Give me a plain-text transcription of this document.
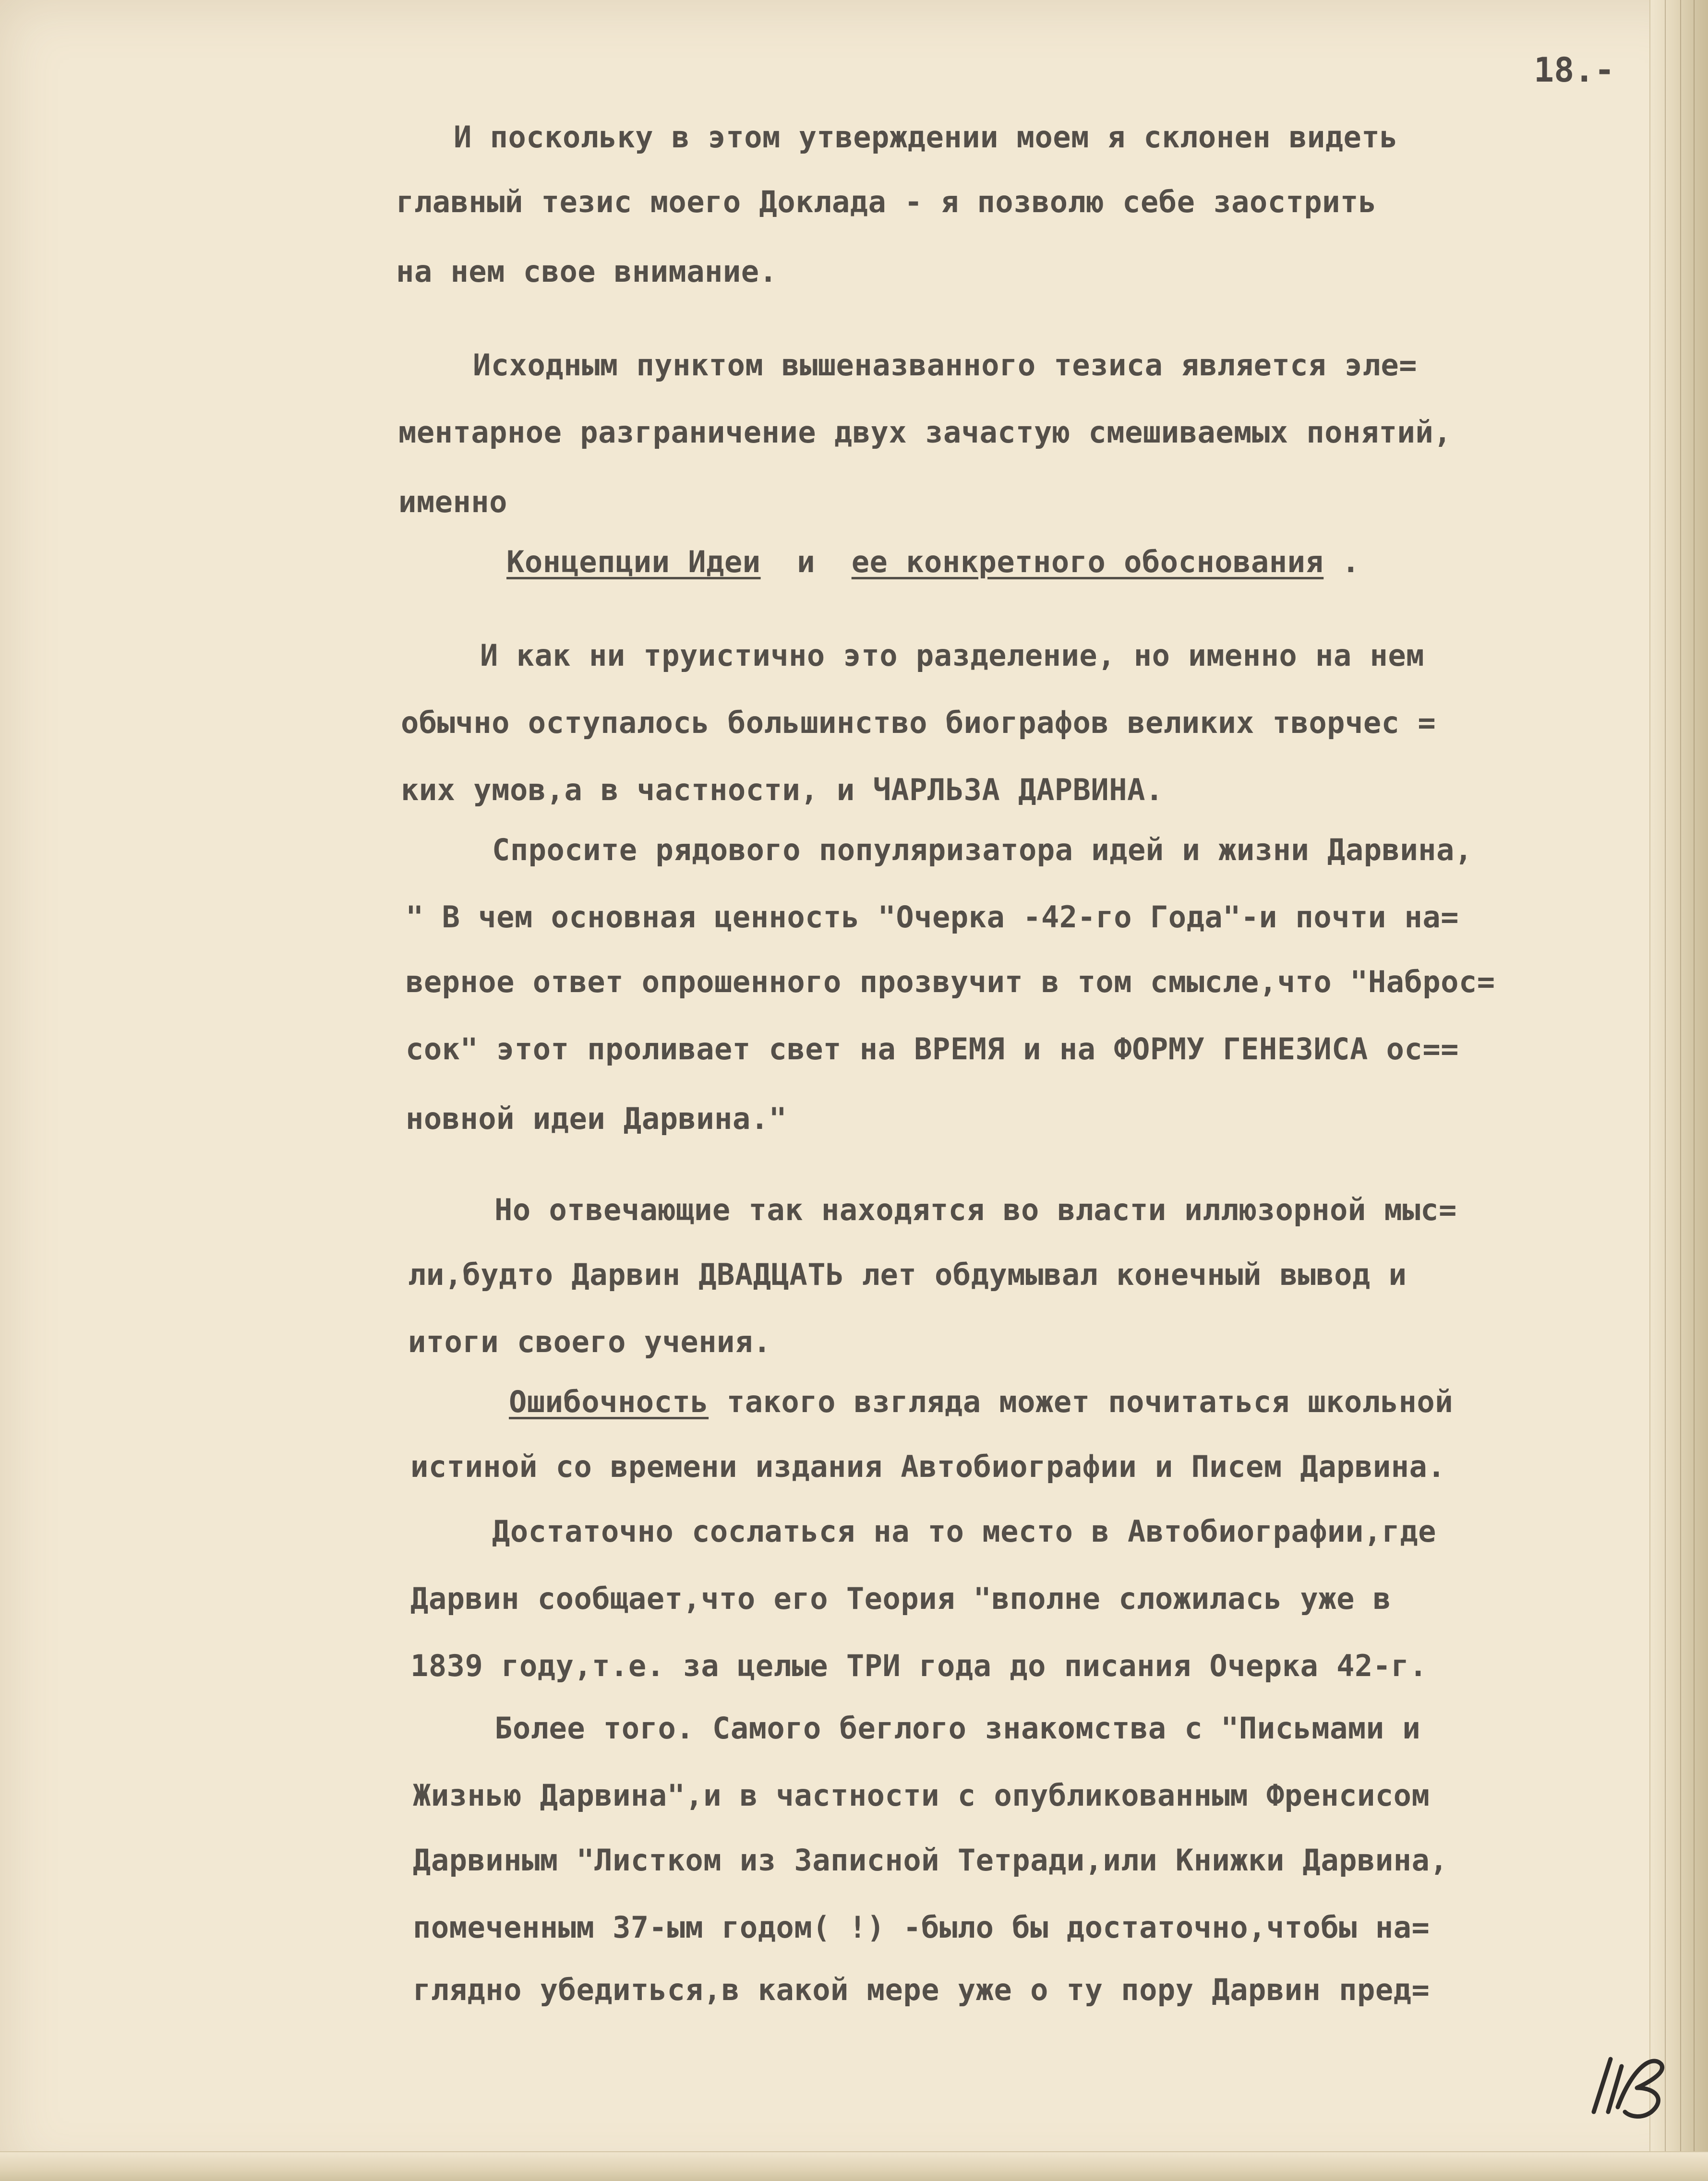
18.-
И поскольку в этом утверждении моем я склонен видеть
главный тезис моего Доклада - я позволю себе заострить
на нем свое внимание.
Исходным пунктом вышеназванного тезиса является эле=
ментарное разграничение двух зачастую смешиваемых понятий,
именно
Концепции Идеи и ее конкретного обоснования .
И как ни труистично это разделение, но именно на нем
обычно оступалось большинство биографов великих творчес =
ких умов,а в частности, и ЧАРЛЬЗА ДАРВИНА.
Спросите рядового популяризатора идей и жизни Дарвина,
" В чем основная ценность "Очерка -42-го Года"-и почти на=
верное ответ опрошенного прозвучит в том смысле,что "Наброс=
сок" этот проливает свет на ВРЕМЯ и на ФОРМУ ГЕНЕЗИСА ос==
новной идеи Дарвина."
Но отвечающие так находятся во власти иллюзорной мыс=
ли,будто Дарвин ДВАДЦАТЬ лет обдумывал конечный вывод и
итоги своего учения.
Ошибочность такого взгляда может почитаться школьной
истиной со времени издания Автобиографии и Писем Дарвина.
Достаточно сослаться на то место в Автобиографии,где
Дарвин сообщает,что его Теория "вполне сложилась уже в
1839 году,т.е. за целые ТРИ года до писания Очерка 42-г.
Более того. Самого беглого знакомства с "Письмами и
Жизнью Дарвина",и в частности с опубликованным Френсисом
Дарвиным "Листком из Записной Тетради,или Книжки Дарвина,
помеченным 37-ым годом( !) -было бы достаточно,чтобы на=
глядно убедиться,в какой мере уже о ту пору Дарвин пред=
